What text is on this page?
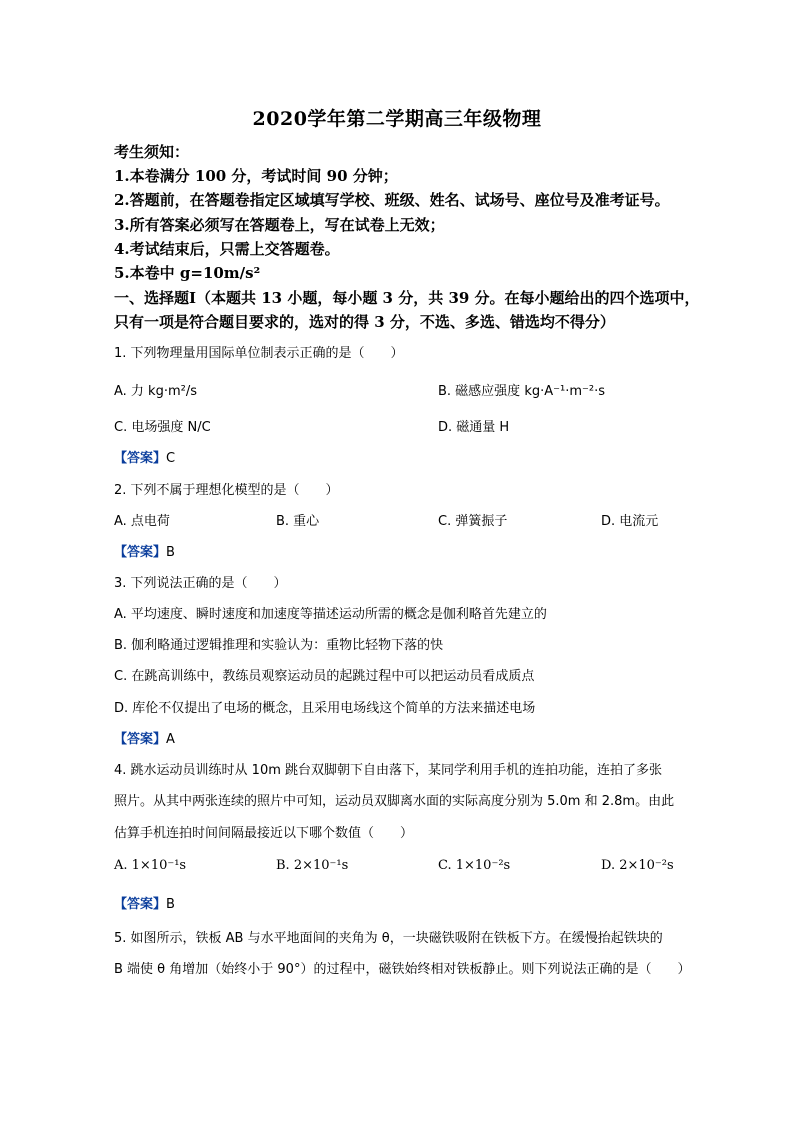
2020学年第二学期高三年级物理
考生须知：
1.本卷满分 100 分，考试时间 90 分钟；
2.答题前，在答题卷指定区域填写学校、班级、姓名、试场号、座位号及准考证号。
3.所有答案必须写在答题卷上，写在试卷上无效；
4.考试结束后，只需上交答题卷。
5.本卷中 g=10m/s²
一、选择题Ⅰ（本题共 13 小题，每小题 3 分，共 39 分。在每小题给出的四个选项中，
只有一项是符合题目要求的，选对的得 3 分，不选、多选、错选均不得分）
1. 下列物理量用国际单位制表示正确的是（　　）
A. 力 kg·m²/s	B. 磁感应强度 kg·A⁻¹·m⁻²·s
C. 电场强度 N/C	D. 磁通量 H
【答案】C
2. 下列不属于理想化模型的是（　　）
A. 点电荷	B. 重心	C. 弹簧振子	D. 电流元
【答案】B
3. 下列说法正确的是（　　）
A. 平均速度、瞬时速度和加速度等描述运动所需的概念是伽利略首先建立的
B. 伽利略通过逻辑推理和实验认为：重物比轻物下落的快
C. 在跳高训练中，教练员观察运动员的起跳过程中可以把运动员看成质点
D. 库伦不仅提出了电场的概念，且采用电场线这个简单的方法来描述电场
【答案】A
4. 跳水运动员训练时从 10m 跳台双脚朝下自由落下，某同学利用手机的连拍功能，连拍了多张
照片。从其中两张连续的照片中可知，运动员双脚离水面的实际高度分别为 5.0m 和 2.8m。由此
估算手机连拍时间间隔最接近以下哪个数值（　　）
A. 1×10⁻¹s	B. 2×10⁻¹s	C. 1×10⁻²s	D. 2×10⁻²s
【答案】B
5. 如图所示，铁板 AB 与水平地面间的夹角为 θ，一块磁铁吸附在铁板下方。在缓慢抬起铁块的
B 端使 θ 角增加（始终小于 90°）的过程中，磁铁始终相对铁板静止。则下列说法正确的是（　　）
